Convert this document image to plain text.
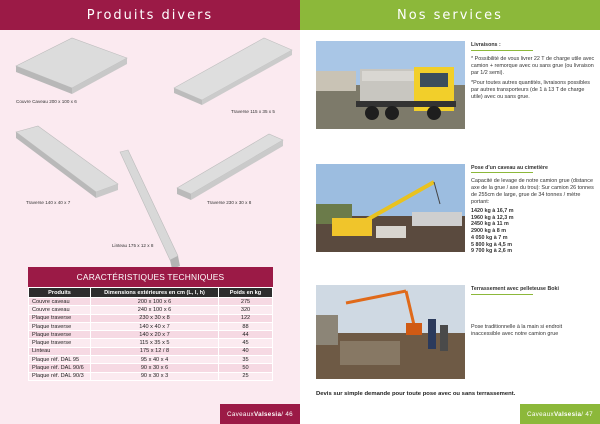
Produits divers
Couvre Caveau 200 x 100 x 6
Traverse 115 x 35 x 5
Traverse 140 x 40 x 7
Linteau 175 x 12 x 8
Traverse 230 x 30 x 8
CARACTÉRISTIQUES TECHNIQUES
Produits	Dimensions extérieures en cm (L, l, h)	Poids en kg
Couvre caveau	200 x 100 x 6	275
Couvre caveau	240 x 100 x 6	320
Plaque traverse	230 x 30 x 8	122
Plaque traverse	140 x 40 x 7	88
Plaque traverse	140 x 20 x 7	44
Plaque traverse	115 x 35 x 5	45
Linteau	175 x 12 / 8	40
Plaque réf. DAL 95	95 x 40 x 4	35
Plaque réf. DAL 90/6	90 x 30 x 6	50
Plaque réf. DAL 90/3	90 x 30 x 3	25
Caveaux Valsesia / 46
Nos services
Livraisons :

* Possibilité de vous livrer 22 T de charge utile avec camion + remorque avec ou sans grue (ou livraison par 1/2 semi).

*Pour toutes autres quantités, livraisons possibles par autres transporteurs (de 1 à 13 T de charge utile) avec ou sans grue.

Pose d'un caveau au cimetière

Capacité de levage de notre camion grue (distance axe de la grue / axe du trou): Sur camion 26 tonnes de 255cm de large, grue de 34 tonnes / mètre portant:

1420 kg à 16,7 m
1960 kg à 12,3 m
2450 kg à 11 m
2900 kg à 8 m
4 050 kg à 7 m
5 800 kg à 4,5 m
9 700 kg à 2,6 m
Terrassement avec pelleteuse Boki

Pose traditionnelle à la main si endroit inaccessible avec notre camion grue

Devis sur simple demande pour toute pose avec ou sans terrassement.
Caveaux Valsesia / 47
